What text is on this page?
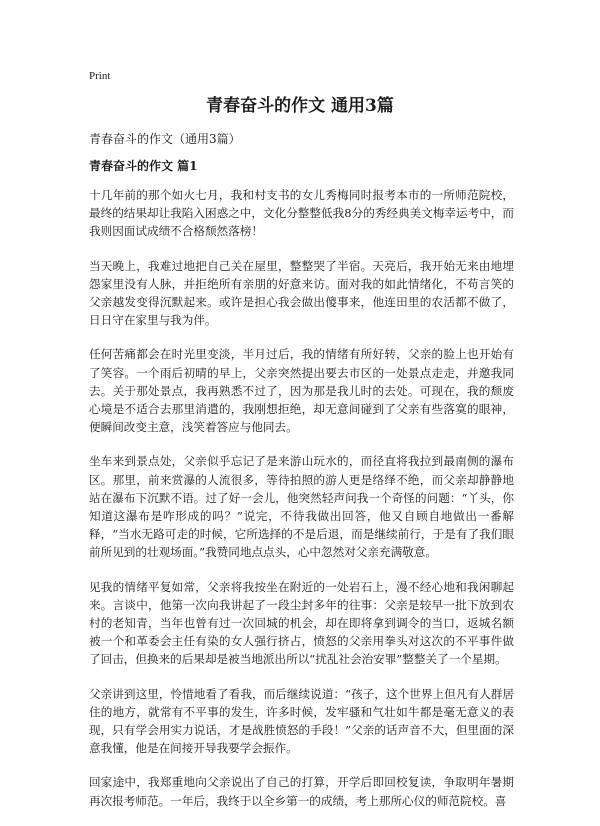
Print
青春奋斗的作文 通用3篇
青春奋斗的作文（通用3篇）
青春奋斗的作文 篇1

十几年前的那个如火七月，我和村支书的女儿秀梅同时报考本市的一所师范院校，最终的结果却让我陷入困惑之中，文化分整整低我8分的秀经典美文梅幸运考中，而我则因面试成绩不合格颓然落榜！

当天晚上，我难过地把自己关在屋里，整整哭了半宿。天亮后，我开始无来由地埋怨家里没有人脉，并拒绝所有亲朋的好意来访。面对我的如此情绪化，不苟言笑的父亲越发变得沉默起来。或许是担心我会做出傻事来，他连田里的农活都不做了，日日守在家里与我为伴。

任何苦痛都会在时光里变淡，半月过后，我的情绪有所好转，父亲的脸上也开始有了笑容。一个雨后初晴的早上，父亲突然提出要去市区的一处景点走走，并邀我同去。关于那处景点，我再熟悉不过了，因为那是我儿时的去处。可现在，我的颓废心境是不适合去那里消遣的，我刚想拒绝，却无意间碰到了父亲有些落寞的眼神，便瞬间改变主意，浅笑着答应与他同去。

坐车来到景点处，父亲似乎忘记了是来游山玩水的，而径直将我拉到最南侧的瀑布区。那里，前来赏瀑的人流很多，等待拍照的游人更是络绎不绝，而父亲却静静地站在瀑布下沉默不语。过了好一会儿，他突然轻声问我一个奇怪的问题：“丫头，你知道这瀑布是咋形成的吗？”说完，不待我做出回答，他又自顾自地做出一番解释，“当水无路可走的时候，它所选择的不是后退，而是继续前行，于是有了我们眼前所见到的壮观场面。”我赞同地点点头，心中忽然对父亲充满敬意。

见我的情绪平复如常，父亲将我按坐在附近的一处岩石上，漫不经心地和我闲聊起来。言谈中，他第一次向我讲起了一段尘封多年的往事：父亲是较早一批下放到农村的老知青，当年也曾有过一次回城的机会，却在即将拿到调令的当口，返城名额被一个和革委会主任有染的女人强行挤占，愤怒的父亲用拳头对这次的不平事件做了回击，但换来的后果却是被当地派出所以“扰乱社会治安罪”整整关了一个星期。

父亲讲到这里，怜惜地看了看我，而后继续说道：“孩子，这个世界上但凡有人群居住的地方，就常有不平事的发生，许多时候，发牢骚和气壮如牛都是毫无意义的表现，只有学会用实力说话，才是战胜愤怒的手段！”父亲的话声音不大，但里面的深意我懂，他是在间接开导我要学会振作。

回家途中，我郑重地向父亲说出了自己的打算，开学后即回校复读，争取明年暑期再次报考师范。一年后，我终于以全乡第一的成绩，考上那所心仪的师范院校。喜
